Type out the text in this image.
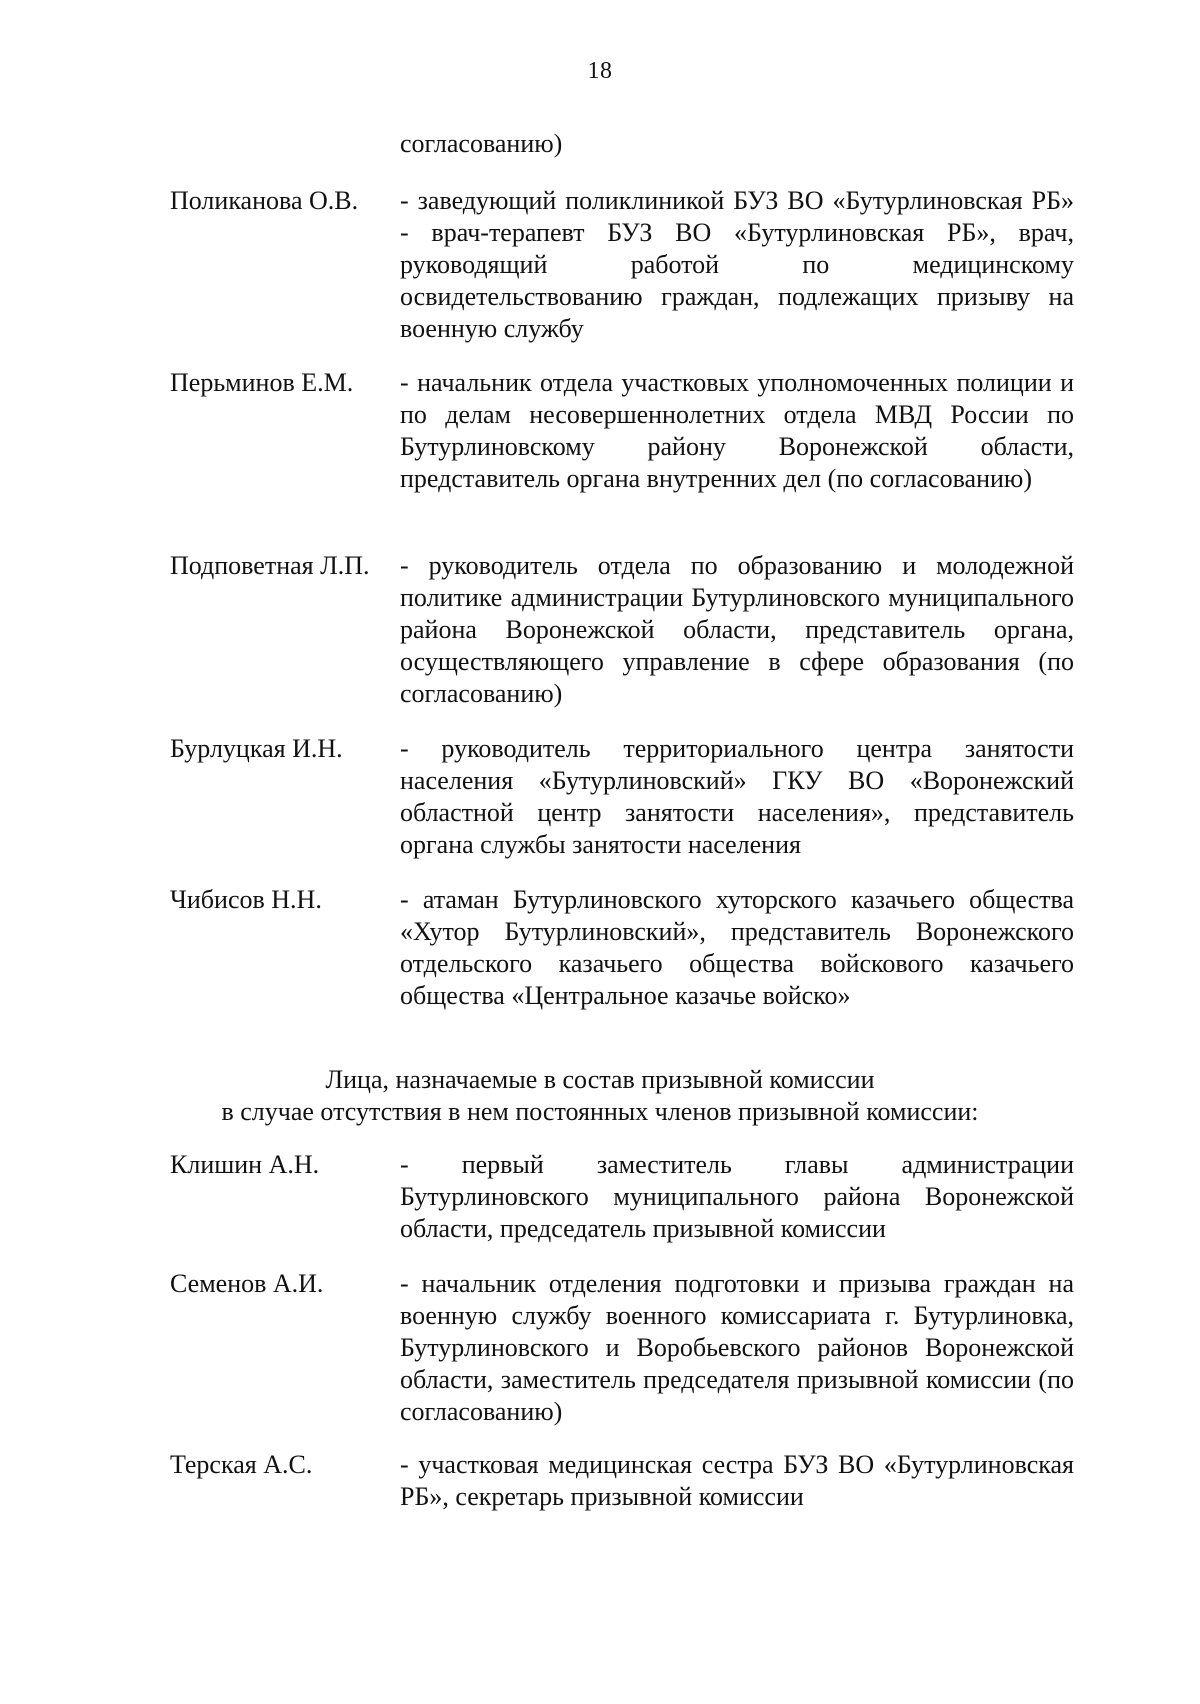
18
согласованию)
Поликанова О.В. - заведующий поликлиникой БУЗ ВО «Бутурлиновская РБ» - врач-терапевт БУЗ ВО «Бутурлиновская РБ», врач, руководящий работой по медицинскому освидетельствованию граждан, подлежащих призыву на военную службу
Перьминов Е.М. - начальник отдела участковых уполномоченных полиции и по делам несовершеннолетних отдела МВД России по Бутурлиновскому району Воронежской области, представитель органа внутренних дел (по согласованию)
Подповетная Л.П. - руководитель отдела по образованию и молодежной политике администрации Бутурлиновского муниципального района Воронежской области, представитель органа, осуществляющего управление в сфере образования (по согласованию)
Бурлуцкая И.Н. - руководитель территориального центра занятости населения «Бутурлиновский» ГКУ ВО «Воронежский областной центр занятости населения», представитель органа службы занятости населения
Чибисов Н.Н.	- атаман Бутурлиновского хуторского казачьего общества «Хутор Бутурлиновский», представитель Воронежского отдельского казачьего общества войскового казачьего общества «Центральное казачье войско»
Лица, назначаемые в состав призывной комиссии
в случае отсутствия в нем постоянных членов призывной комиссии:
Клишин А.Н.	- первый заместитель главы администрации Бутурлиновского муниципального района Воронежской области, председатель призывной комиссии
Семенов А.И.	- начальник отделения подготовки и призыва граждан на военную службу военного комиссариата г. Бутурлиновка, Бутурлиновского и Воробьевского районов Воронежской области, заместитель председателя призывной комиссии (по согласованию)
Терская А.С.	- участковая медицинская сестра БУЗ ВО «Бутурлиновская РБ», секретарь призывной комиссии
